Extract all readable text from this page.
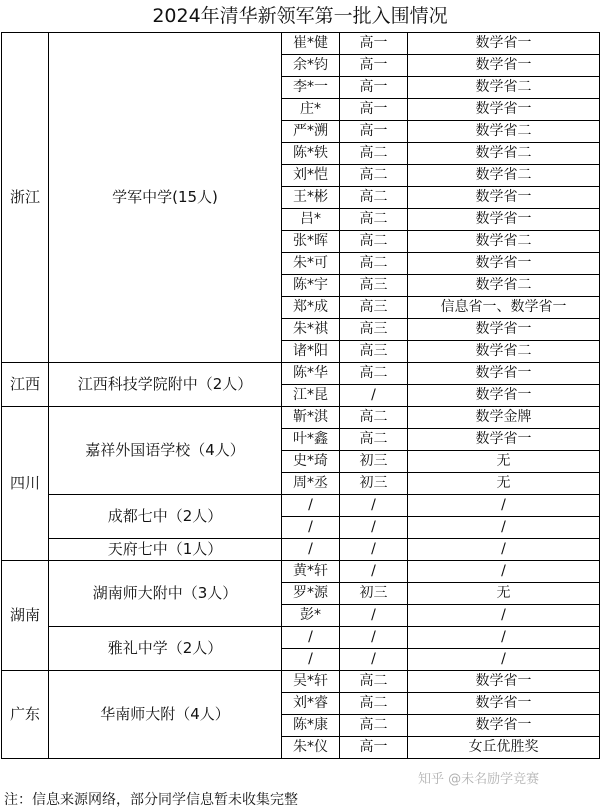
2024年清华新领军第一批入围情况
浙江	学军中学(15人)	崔*健	高一	数学省一
		余*钧	高一	数学省一
		李*一	高一	数学省二
		庄*	高一	数学省一
		严*溯	高一	数学省二
		陈*轶	高二	数学省二
		刘*恺	高二	数学省二
		王*彬	高二	数学省一
		吕*	高二	数学省一
		张*晖	高二	数学省二
		朱*可	高二	数学省一
		陈*宇	高三	数学省二
		郑*成	高三	信息省一、数学省一
		朱*祺	高三	数学省一
		诸*阳	高三	数学省二
江西	江西科技学院附中（2人）	陈*华	高二	数学省一
		江*昆	/	数学省一
四川	嘉祥外国语学校（4人）	靳*淇	高二	数学金牌
		叶*鑫	高二	数学省一
		史*琦	初三	无
		周*丞	初三	无
	成都七中（2人）	/	/	/
		/	/	/
	天府七中（1人）	/	/	/
湖南	湖南师大附中（3人）	黄*轩	/	/
		罗*源	初三	无
		彭*	/	/
	雅礼中学（2人）	/	/	/
		/	/	/
广东	华南师大附（4人）	吴*轩	高二	数学省一
		刘*睿	高二	数学省一
		陈*康	高二	数学省一
		朱*仪	高一	女丘优胜奖
注：信息来源网络，部分同学信息暂未收集完整
知乎 @未名励学竞赛
